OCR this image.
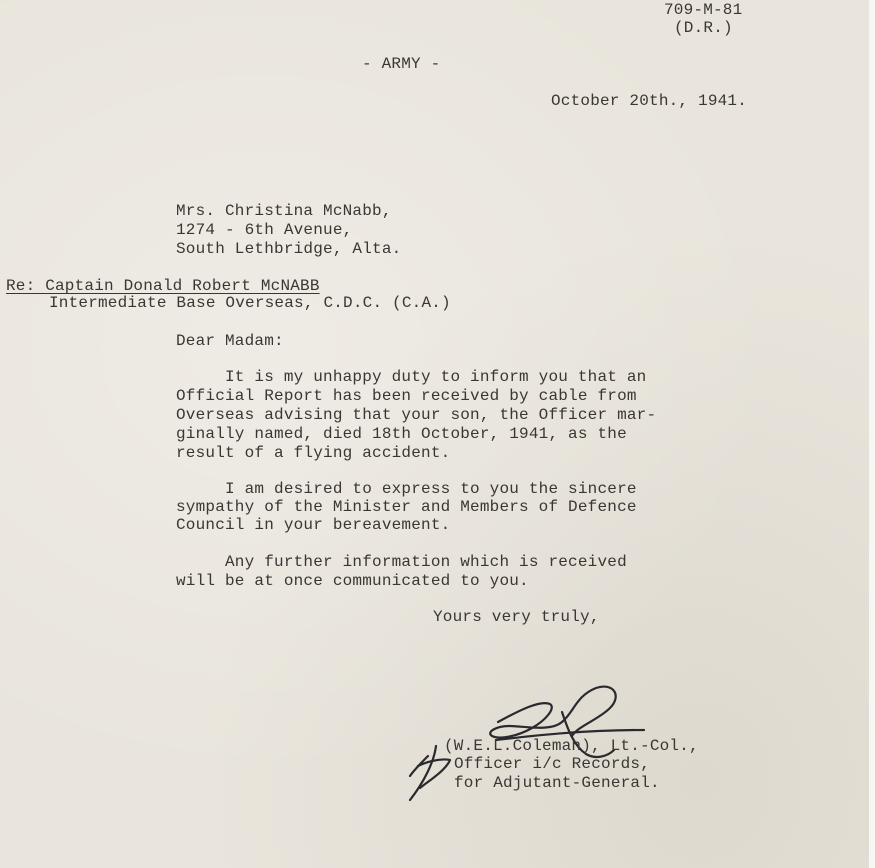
709-M-81
(D.R.)
- ARMY -
October 20th., 1941.
Mrs. Christina McNabb,
1274 - 6th Avenue,
South Lethbridge, Alta.
Re: Captain Donald Robert McNABB
Intermediate Base Overseas, C.D.C. (C.A.)
Dear Madam:
It is my unhappy duty to inform you that an
Official Report has been received by cable from
Overseas advising that your son, the Officer mar-
ginally named, died 18th October, 1941, as the
result of a flying accident.
I am desired to express to you the sincere
sympathy of the Minister and Members of Defence
Council in your bereavement.
Any further information which is received
will be at once communicated to you.
Yours very truly,
(W.E.L.Coleman), Lt.-Col.,
Officer i/c Records,
for Adjutant-General.
